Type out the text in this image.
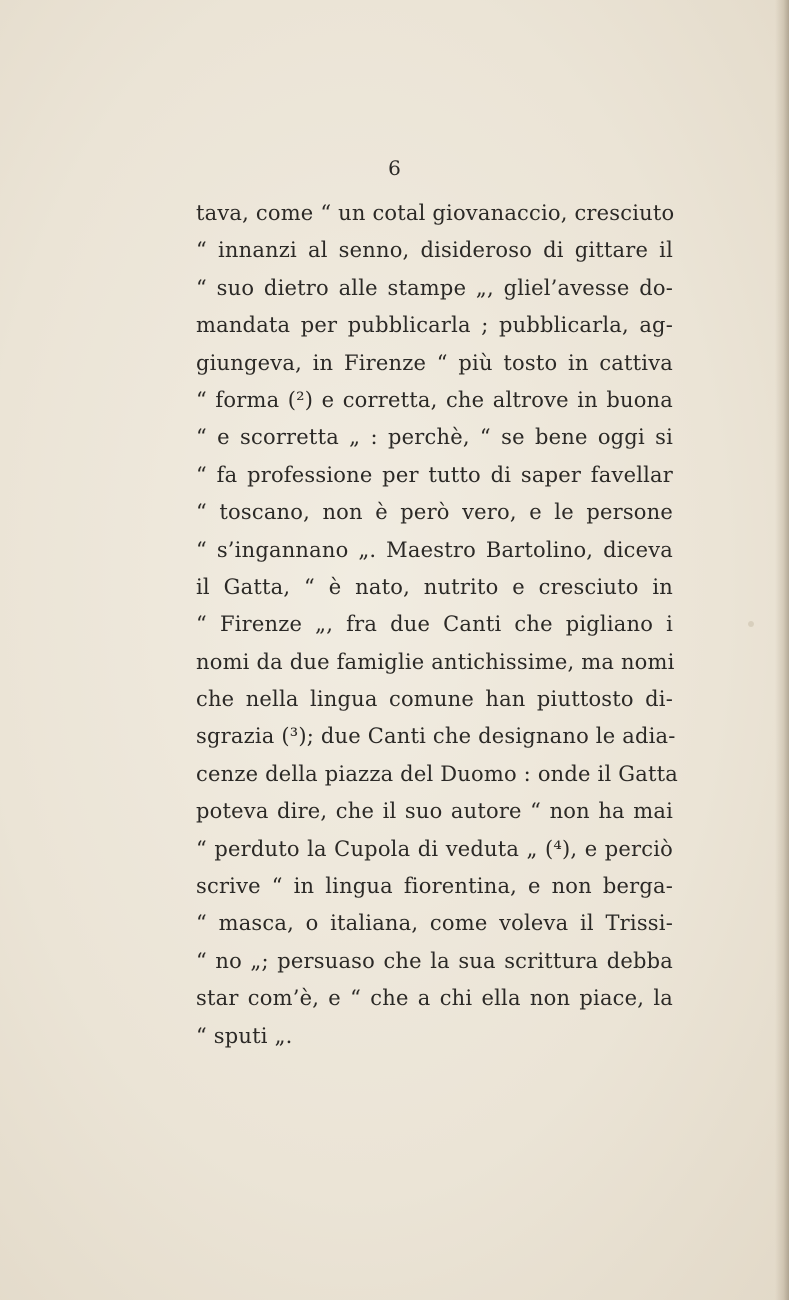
6
tava, come “ un cotal giovanaccio, cresciuto
“ innanzi al senno, disideroso di gittare il
“ suo dietro alle stampe „, gliel’avesse do-
mandata per pubblicarla ; pubblicarla, ag-
giungeva, in Firenze “ più tosto in cattiva
“ forma (²) e corretta, che altrove in buona
“ e scorretta „ : perchè, “ se bene oggi si
“ fa professione per tutto di saper favellar
“ toscano, non è però vero, e le persone
“ s’ingannano „. Maestro Bartolino, diceva
il Gatta, “ è nato, nutrito e cresciuto in
“ Firenze „, fra due Canti che pigliano i
nomi da due famiglie antichissime, ma nomi
che nella lingua comune han piuttosto di-
sgrazia (³); due Canti che designano le adia-
cenze della piazza del Duomo : onde il Gatta
poteva dire, che il suo autore “ non ha mai
“ perduto la Cupola di veduta „ (⁴), e perciò
scrive “ in lingua fiorentina, e non berga-
“ masca, o italiana, come voleva il Trissi-
“ no „; persuaso che la sua scrittura debba
star com’è, e “ che a chi ella non piace, la
“ sputi „.
